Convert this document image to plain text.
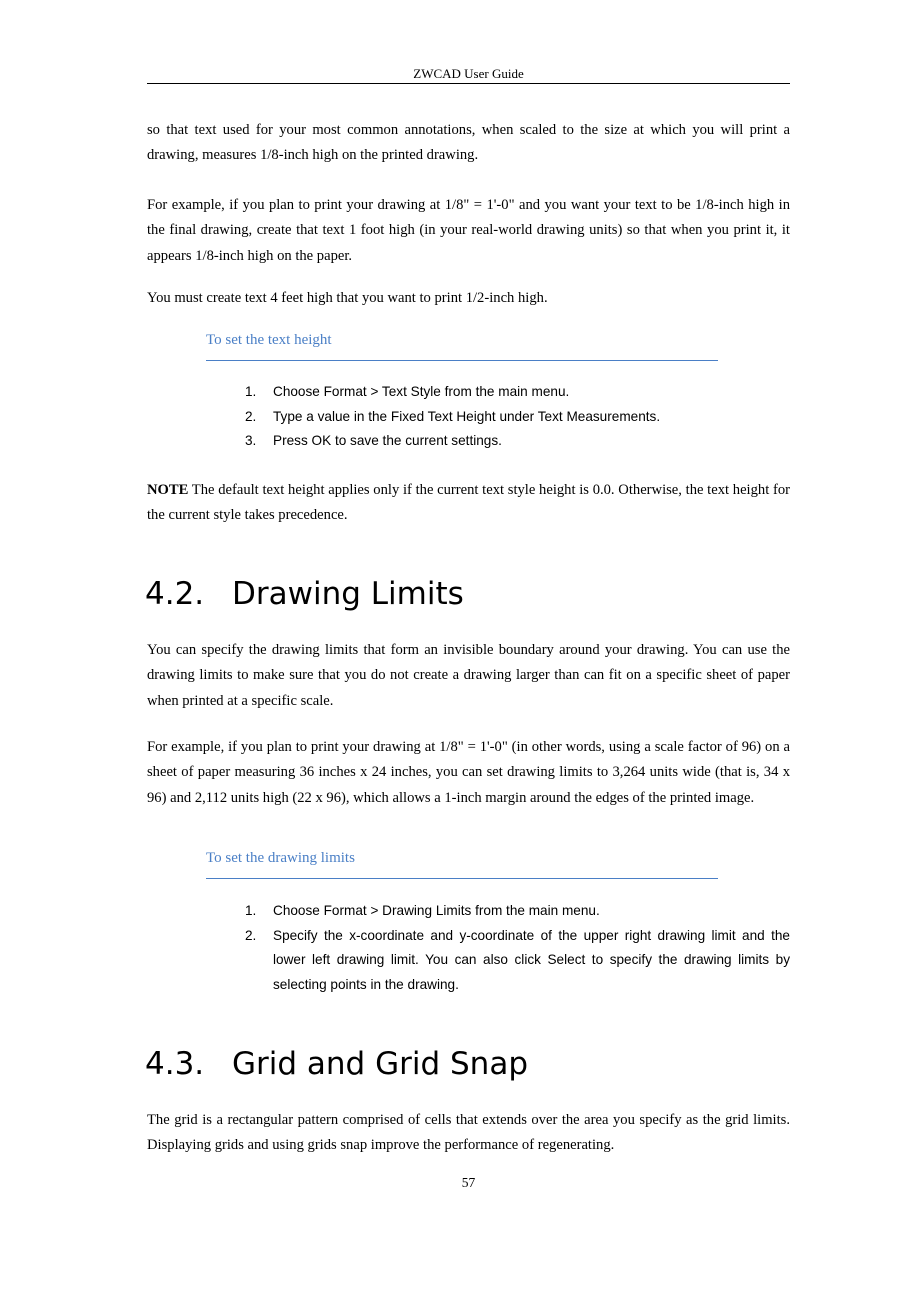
ZWCAD User Guide

so that text used for your most common annotations, when scaled to the size at which you will print a drawing, measures 1/8-inch high on the printed drawing.

For example, if you plan to print your drawing at 1/8" = 1'-0" and you want your text to be 1/8-inch high in the final drawing, create that text 1 foot high (in your real-world drawing units) so that when you print it, it appears 1/8-inch high on the paper.

You must create text 4 feet high that you want to print 1/2-inch high.

To set the text height
1.	Choose Format > Text Style from the main menu.
2.	Type a value in the Fixed Text Height under Text Measurements.
3.	Press OK to save the current settings.

NOTE The default text height applies only if the current text style height is 0.0. Otherwise, the text height for the current style takes precedence.

4.2. Drawing Limits

You can specify the drawing limits that form an invisible boundary around your drawing. You can use the drawing limits to make sure that you do not create a drawing larger than can fit on a specific sheet of paper when printed at a specific scale.

For example, if you plan to print your drawing at 1/8" = 1'-0" (in other words, using a scale factor of 96) on a sheet of paper measuring 36 inches x 24 inches, you can set drawing limits to 3,264 units wide (that is, 34 x 96) and 2,112 units high (22 x 96), which allows a 1-inch margin around the edges of the printed image.

To set the drawing limits
1.	Choose Format > Drawing Limits from the main menu.
2.	Specify the x-coordinate and y-coordinate of the upper right drawing limit and the lower left drawing limit. You can also click Select to specify the drawing limits by selecting points in the drawing.
4.3. Grid and Grid Snap

The grid is a rectangular pattern comprised of cells that extends over the area you specify as the grid limits. Displaying grids and using grids snap improve the performance of regenerating.

57
